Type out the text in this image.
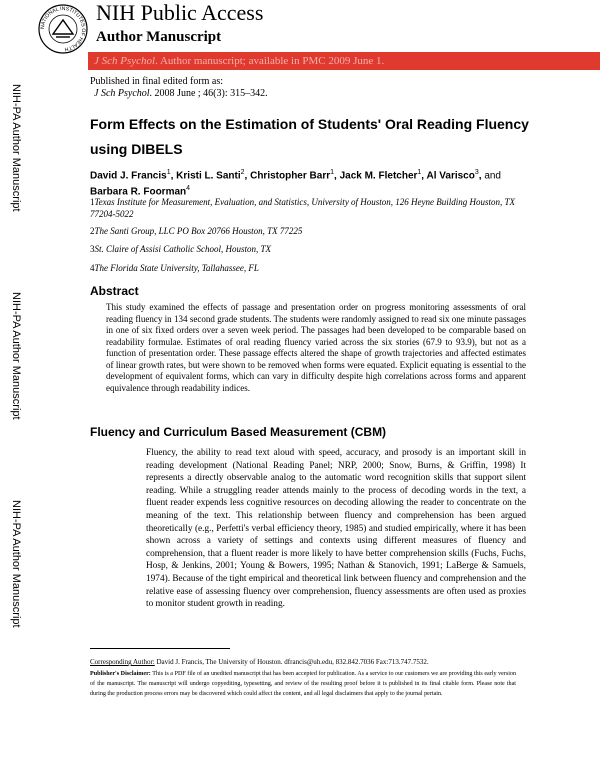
NATIONAL INSTITUTES OF HEALTH
NIH Public Access
Author Manuscript
J Sch Psychol. Author manuscript; available in PMC 2009 June 1.
Published in final edited form as:
J Sch Psychol. 2008 June ; 46(3): 315–342.
NIH-PA Author Manuscript
NIH-PA Author Manuscript
NIH-PA Author Manuscript
Form Effects on the Estimation of Students' Oral Reading Fluency using DIBELS
David J. Francis$^1$, Kristi L. Santi$^2$, Christopher Barr$^1$, Jack M. Fletcher$^1$, Al Varisco$^3$, and
Barbara R. Foorman$^4$
1Texas Institute for Measurement, Evaluation, and Statistics, University of Houston, 126 Heyne Building Houston, TX 77204-5022
2The Santi Group, LLC PO Box 20766 Houston, TX 77225
3St. Claire of Assisi Catholic School, Houston, TX
4The Florida State University, Tallahassee, FL
Abstract
This study examined the effects of passage and presentation order on progress monitoring assessments of oral reading fluency in 134 second grade students. The students were randomly assigned to read six one minute passages in one of six fixed orders over a seven week period. The passages had been developed to be comparable based on readability formulae. Estimates of oral reading fluency varied across the six stories (67.9 to 93.9), but not as a function of presentation order. These passage effects altered the shape of growth trajectories and affected estimates of linear growth rates, but were shown to be removed when forms were equated. Explicit equating is essential to the development of equivalent forms, which can vary in difficulty despite high correlations across forms and apparent equivalence through readability indices.
Fluency and Curriculum Based Measurement (CBM)
Fluency, the ability to read text aloud with speed, accuracy, and prosody is an important skill in reading development (National Reading Panel; NRP, 2000; Snow, Burns, & Griffin, 1998) It represents a directly observable analog to the automatic word recognition skills that support silent reading. While a struggling reader attends mainly to the process of decoding words in the text, a fluent reader expends less cognitive resources on decoding allowing the reader to concentrate on the meaning of the text. This relationship between fluency and comprehension has been argued theoretically (e.g., Perfetti's verbal efficiency theory, 1985) and studied empirically, where it has been shown across a variety of settings and contexts using different measures of fluency and comprehension, that a fluent reader is more likely to have better comprehension skills (Fuchs, Fuchs, Hosp, & Jenkins, 2001; Young & Bowers, 1995; Nathan & Stanovich, 1991; LaBerge & Samuels, 1974). Because of the tight empirical and theoretical link between fluency and comprehension and the relative ease of assessing fluency over comprehension, fluency assessments are often used as proxies to monitor student growth in reading.
Corresponding Author: David J. Francis, The University of Houston. dfrancis@uh.edu, 832.842.7036 Fax:713.747.7532.
Publisher's Disclaimer: This is a PDF file of an unedited manuscript that has been accepted for publication. As a service to our customers we are providing this early version of the manuscript. The manuscript will undergo copyediting, typesetting, and review of the resulting proof before it is published in its final citable form. Please note that during the production process errors may be discovered which could affect the content, and all legal disclaimers that apply to the journal pertain.
